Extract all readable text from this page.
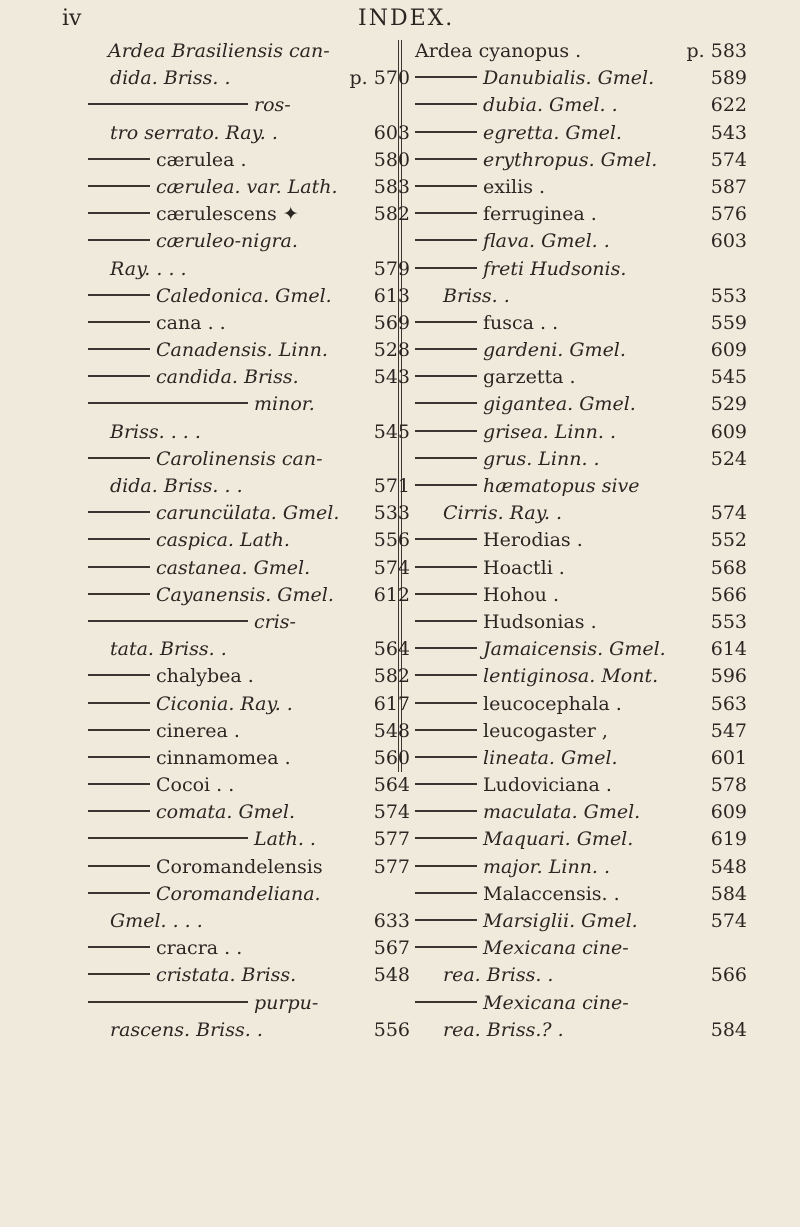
iv	INDEX.
Ardea Brasiliensis can-
dida. Briss. .	p. 570
ros-
tro serrato. Ray. .	603
cærulea .	580
cærulea. var. Lath. 583
cærulescens ✦	582
cæruleo-nigra.
Ray. . . .	579
Caledonica. Gmel. 613
cana . .	569
Canadensis. Linn. 528
candida. Briss.	543
minor.
Briss. . . .	545
Carolinensis can-
dida. Briss. . .	571
caruncülata. Gmel. 533
caspica. Lath.	556
castanea. Gmel.	574
Cayanensis. Gmel. 612
cris-
tata. Briss. .	564
chalybea .	582
Ciconia. Ray. .	617
cinerea .	548
cinnamomea .	560
Cocoi . .	564
comata. Gmel.	574
Lath. .	577
Coromandelensis	577
Coromandeliana.
Gmel. . . .	633
cracra . .	567
cristata. Briss.	548
purpu-
rascens. Briss. .	556
Ardea cyanopus .	p. 583
Danubialis. Gmel.	589
dubia. Gmel. .	622
egretta. Gmel.	543
erythropus. Gmel.	574
exilis .	587
ferruginea .	576
flava. Gmel. .	603
freti Hudsonis.
Briss. .	553
fusca . .	559
gardeni. Gmel.	609
garzetta .	545
gigantea. Gmel.	529
grisea. Linn. .	609
grus. Linn. .	524
hæmatopus sive
Cirris. Ray. .	574
Herodias .	552
Hoactli .	568
Hohou .	566
Hudsonias .	553
Jamaicensis. Gmel. 614
lentiginosa. Mont.	596
leucocephala .	563
leucogaster ,	547
lineata. Gmel.	601
Ludoviciana .	578
maculata. Gmel.	609
Maquari. Gmel.	619
major. Linn. .	548
Malaccensis. .	584
Marsiglii. Gmel.	574
Mexicana cine-
rea. Briss. .	566
Mexicana cine-
rea. Briss.? .	584
